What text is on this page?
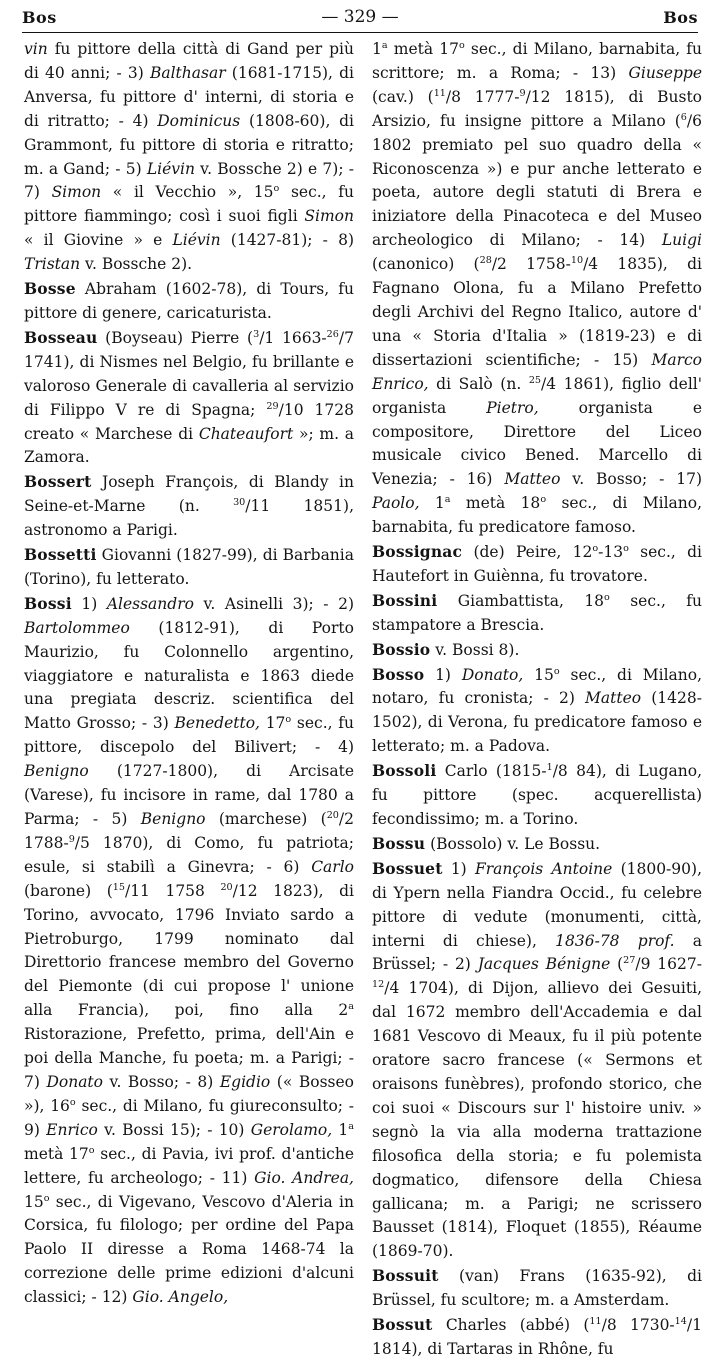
Bos	— 329 —	Bos

vin fu pittore della città di Gand per più di 40 anni; - 3) Balthasar (1681-1715), di Anversa, fu pittore d' interni, di storia e di ritratto; - 4) Dominicus (1808-60), di Grammont, fu pittore di storia e ritratto; m. a Gand; - 5) Liévin v. Bossche 2) e 7); - 7) Simon « il Vecchio », 15$^o$ sec., fu pittore fiammingo; così i suoi figli Simon « il Giovine » e Liévin (1427-81); - 8) Tristan v. Bossche 2).

Bosse Abraham (1602-78), di Tours, fu pittore di genere, caricaturista.

Bosseau (Boyseau) Pierre ($^3$/1 1663-$^{26}$/7 1741), di Nismes nel Belgio, fu brillante e valoroso Generale di cavalleria al servizio di Filippo V re di Spagna; $^{29}$/10 1728 creato « Marchese di Chateaufort »; m. a Zamora.

Bossert Joseph François, di Blandy in Seine-et-Marne (n. $^{30}$/11 1851), astronomo a Parigi.

Bossetti Giovanni (1827-99), di Barbania (Torino), fu letterato.

Bossi 1) Alessandro v. Asinelli 3); - 2) Bartolommeo (1812-91), di Porto Maurizio, fu Colonnello argentino, viaggiatore e naturalista e 1863 diede una pregiata descriz. scientifica del Matto Grosso; - 3) Benedetto, 17$^o$ sec., fu pittore, discepolo del Bilivert; - 4) Benigno (1727-1800), di Arcisate (Varese), fu incisore in rame, dal 1780 a Parma; - 5) Benigno (marchese) ($^{20}$/2 1788-$^9$/5 1870), di Como, fu patriota; esule, si stabilì a Ginevra; - 6) Carlo (barone) ($^{15}$/11 1758 $^{20}$/12 1823), di Torino, avvocato, 1796 Inviato sardo a Pietroburgo, 1799 nominato dal Direttorio francese membro del Governo del Piemonte (di cui propose l' unione alla Francia), poi, fino alla 2$^a$ Ristorazione, Prefetto, prima, dell'Ain e poi della Manche, fu poeta; m. a Parigi; - 7) Donato v. Bosso; - 8) Egidio (« Bosseo »), 16$^o$ sec., di Milano, fu giureconsulto; - 9) Enrico v. Bossi 15); - 10) Gerolamo, 1$^a$ metà 17$^o$ sec., di Pavia, ivi prof. d'antiche lettere, fu archeologo; - 11) Gio. Andrea, 15$^o$ sec., di Vigevano, Vescovo d'Aleria in Corsica, fu filologo; per ordine del Papa Paolo II diresse a Roma 1468-74 la correzione delle prime edizioni d'alcuni classici; - 12) Gio. Angelo,

1$^a$ metà 17$^o$ sec., di Milano, barnabita, fu scrittore; m. a Roma; - 13) Giuseppe (cav.) ($^{11}$/8 1777-$^9$/12 1815), di Busto Arsizio, fu insigne pittore a Milano ($^6$/6 1802 premiato pel suo quadro della « Riconoscenza ») e pur anche letterato e poeta, autore degli statuti di Brera e iniziatore della Pinacoteca e del Museo archeologico di Milano; - 14) Luigi (canonico) ($^{28}$/2 1758-$^{10}$/4 1835), di Fagnano Olona, fu a Milano Prefetto degli Archivi del Regno Italico, autore d' una « Storia d'Italia » (1819-23) e di dissertazioni scientifiche; - 15) Marco Enrico, di Salò (n. $^{25}$/4 1861), figlio dell' organista Pietro, organista e compositore, Direttore del Liceo musicale civico Bened. Marcello di Venezia; - 16) Matteo v. Bosso; - 17) Paolo, 1$^a$ metà 18$^o$ sec., di Milano, barnabita, fu predicatore famoso.

Bossignac (de) Peire, 12$^o$-13$^o$ sec., di Hautefort in Guiènna, fu trovatore.

Bossini Giambattista, 18$^o$ sec., fu stampatore a Brescia.

Bossio v. Bossi 8).

Bosso 1) Donato, 15$^o$ sec., di Milano, notaro, fu cronista; - 2) Matteo (1428-1502), di Verona, fu predicatore famoso e letterato; m. a Padova.

Bossoli Carlo (1815-$^1$/8 84), di Lugano, fu pittore (spec. acquerellista) fecondissimo; m. a Torino.

Bossu (Bossolo) v. Le Bossu.

Bossuet 1) François Antoine (1800-90), di Ypern nella Fiandra Occid., fu celebre pittore di vedute (monumenti, città, interni di chiese), 1836-78 prof. a Brüssel; - 2) Jacques Bénigne ($^{27}$/9 1627-$^{12}$/4 1704), di Dijon, allievo dei Gesuiti, dal 1672 membro dell'Accademia e dal 1681 Vescovo di Meaux, fu il più potente oratore sacro francese (« Sermons et oraisons funèbres), profondo storico, che coi suoi « Discours sur l' histoire univ. » segnò la via alla moderna trattazione filosofica della storia; e fu polemista dogmatico, difensore della Chiesa gallicana; m. a Parigi; ne scrissero Bausset (1814), Floquet (1855), Réaume (1869-70).

Bossuit (van) Frans (1635-92), di Brüssel, fu scultore; m. a Amsterdam.

Bossut Charles (abbé) ($^{11}$/8 1730-$^{14}$/1 1814), di Tartaras in Rhône, fu
